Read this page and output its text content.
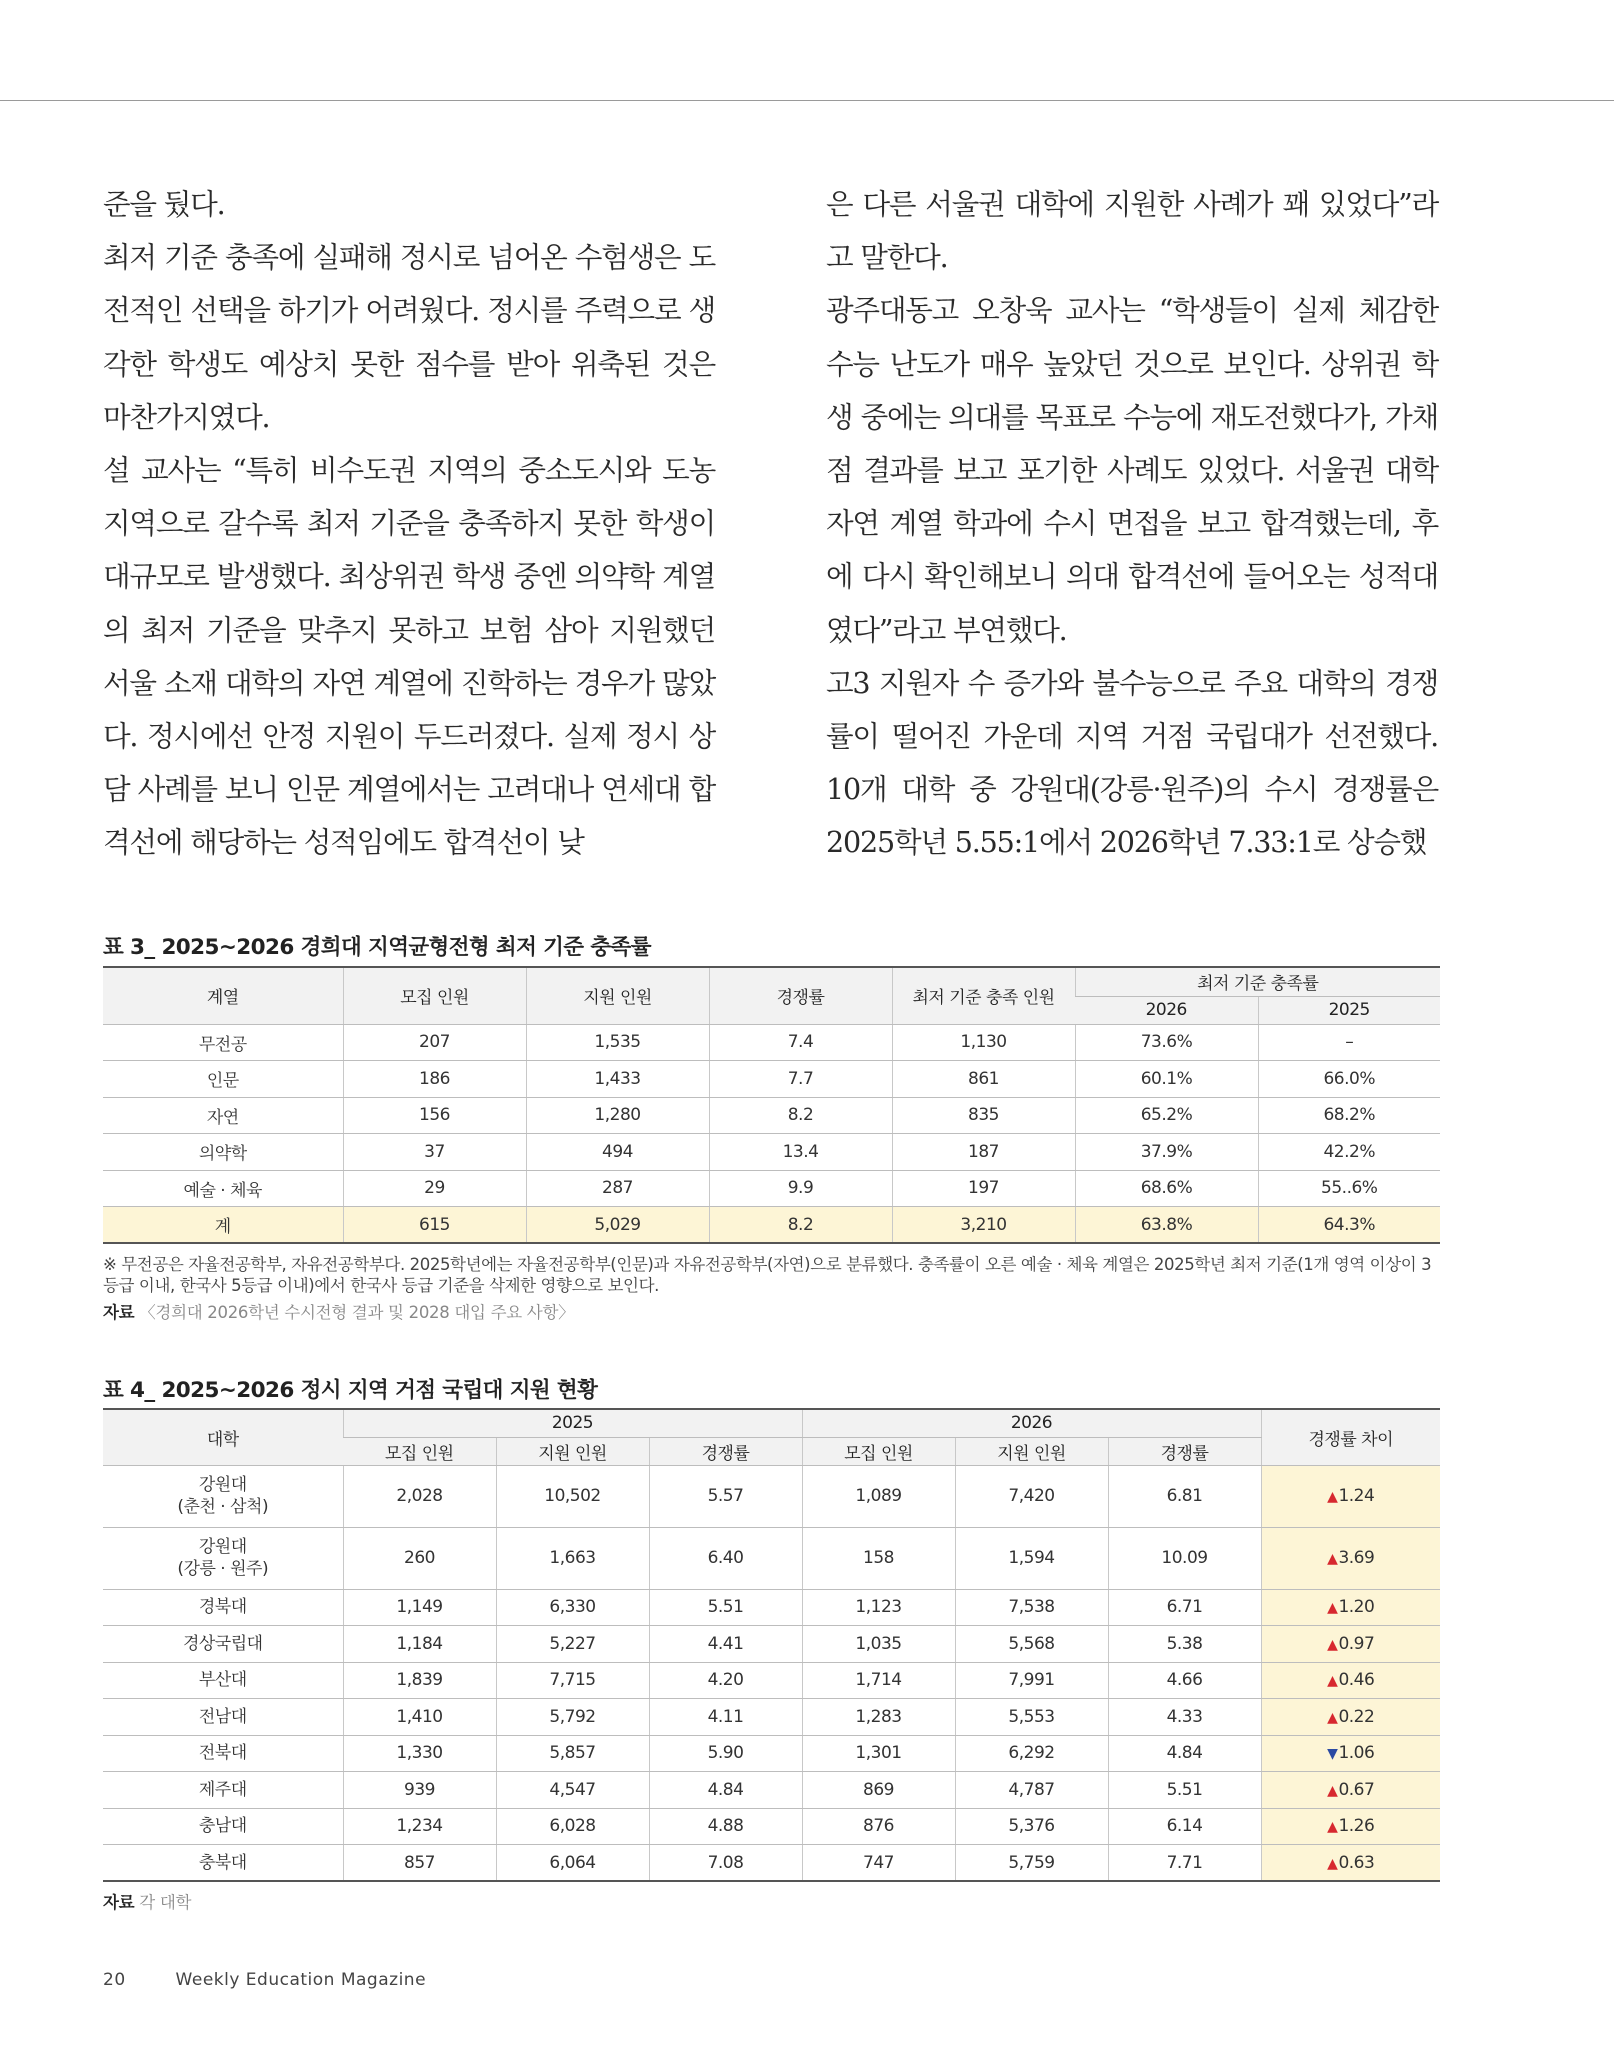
준을 뒀다.

최저 기준 충족에 실패해 정시로 넘어온 수험생은 도전적인 선택을 하기가 어려웠다. 정시를 주력으로 생각한 학생도 예상치 못한 점수를 받아 위축된 것은 마찬가지였다.

설 교사는 “특히 비수도권 지역의 중소도시와 도농 지역으로 갈수록 최저 기준을 충족하지 못한 학생이 대규모로 발생했다. 최상위권 학생 중엔 의약학 계열의 최저 기준을 맞추지 못하고 보험 삼아 지원했던 서울 소재 대학의 자연 계열에 진학하는 경우가 많았다. 정시에선 안정 지원이 두드러졌다. 실제 정시 상담 사례를 보니 인문 계열에서는 고려대나 연세대 합격선에 해당하는 성적임에도 합격선이 낮

은 다른 서울권 대학에 지원한 사례가 꽤 있었다”라고 말한다.

광주대동고 오창욱 교사는 “학생들이 실제 체감한 수능 난도가 매우 높았던 것으로 보인다. 상위권 학생 중에는 의대를 목표로 수능에 재도전했다가, 가채점 결과를 보고 포기한 사례도 있었다. 서울권 대학 자연 계열 학과에 수시 면접을 보고 합격했는데, 후에 다시 확인해보니 의대 합격선에 들어오는 성적대였다”라고 부연했다.

고3 지원자 수 증가와 불수능으로 주요 대학의 경쟁률이 떨어진 가운데 지역 거점 국립대가 선전했다. 10개 대학 중 강원대(강릉·원주)의 수시 경쟁률은 2025학년 5.55:1에서 2026학년 7.33:1로 상승했

표 3_ 2025~2026 경희대 지역균형전형 최저 기준 충족률
계열	모집 인원	지원 인원	경쟁률	최저 기준 충족 인원	최저 기준 충족률	
					2026	2025
무전공	207	1,535	7.4	1,130	73.6%	–
인문	186	1,433	7.7	861	60.1%	66.0%
자연	156	1,280	8.2	835	65.2%	68.2%
의약학	37	494	13.4	187	37.9%	42.2%
예술 · 체육	29	287	9.9	197	68.6%	55..6%
계	615	5,029	8.2	3,210	63.8%	64.3%
※ 무전공은 자율전공학부, 자유전공학부다. 2025학년에는 자율전공학부(인문)과 자유전공학부(자연)으로 분류했다. 충족률이 오른 예술 · 체육 계열은 2025학년 최저 기준(1개 영역 이상이 3등급 이내, 한국사 5등급 이내)에서 한국사 등급 기준을 삭제한 영향으로 보인다.
자료 〈경희대 2026학년 수시전형 결과 및 2028 대입 주요 사항〉
표 4_ 2025~2026 정시 지역 거점 국립대 지원 현황
대학	2025			2026			경쟁률 차이
	모집 인원	지원 인원	경쟁률	모집 인원	지원 인원	경쟁률	

강원대
(춘천 · 삼척)	2,028	10,502	5.57	1,089	7,420	6.81	▲1.24

강원대
(강릉 · 원주)	260	1,663	6.40	158	1,594	10.09	▲3.69

경북대	1,149	6,330	5.51	1,123	7,538	6.71	▲1.20

경상국립대	1,184	5,227	4.41	1,035	5,568	5.38	▲0.97

부산대	1,839	7,715	4.20	1,714	7,991	4.66	▲0.46

전남대	1,410	5,792	4.11	1,283	5,553	4.33	▲0.22

전북대	1,330	5,857	5.90	1,301	6,292	4.84	▼1.06

제주대	939	4,547	4.84	869	4,787	5.51	▲0.67

충남대	1,234	6,028	4.88	876	5,376	6.14	▲1.26

충북대	857	6,064	7.08	747	5,759	7.71	▲0.63
자료 각 대학
20	Weekly Education Magazine
